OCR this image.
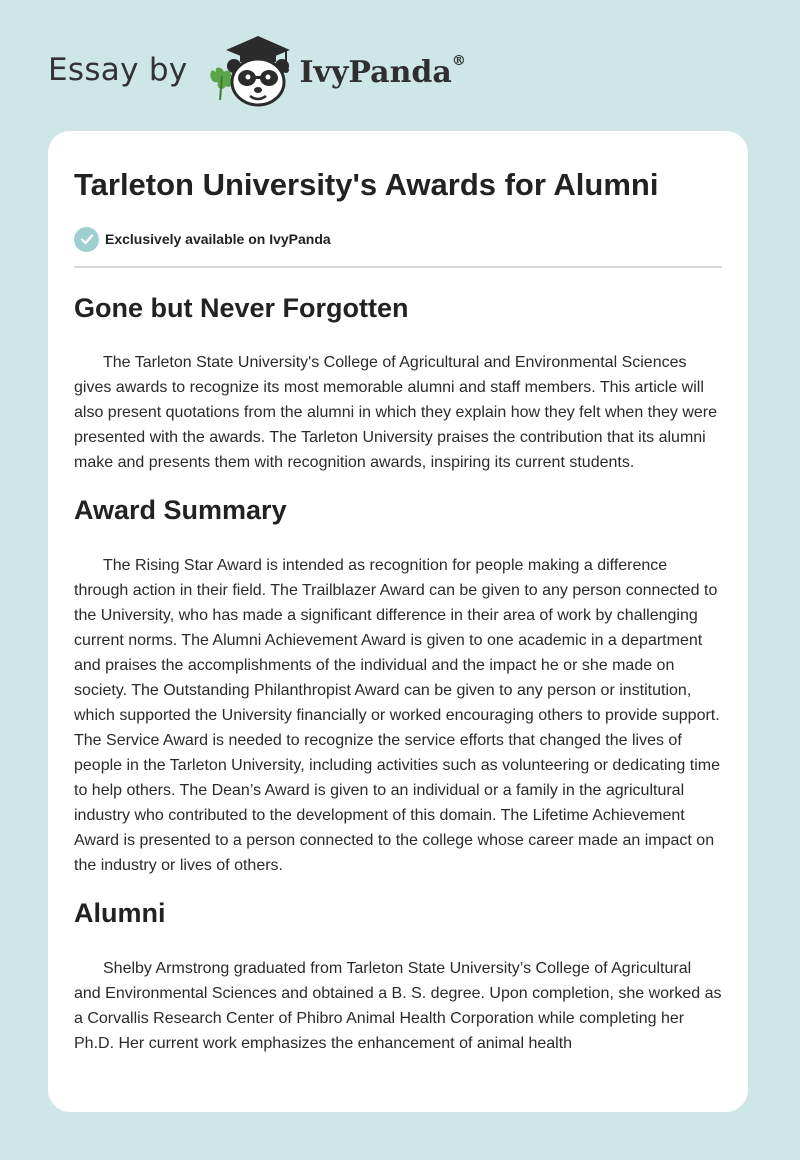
Essay by	IvyPanda®
Tarleton University's Awards for Alumni
Exclusively available on IvyPanda
Gone but Never Forgotten

The Tarleton State University's College of Agricultural and Environmental Sciences gives awards to recognize its most memorable alumni and staff members. This article will also present quotations from the alumni in which they explain how they felt when they were presented with the awards. The Tarleton University praises the contribution that its alumni make and presents them with recognition awards, inspiring its current students.

Award Summary

The Rising Star Award is intended as recognition for people making a difference through action in their field. The Trailblazer Award can be given to any person connected to the University, who has made a significant difference in their area of work by challenging current norms. The Alumni Achievement Award is given to one academic in a department and praises the accomplishments of the individual and the impact he or she made on society. The Outstanding Philanthropist Award can be given to any person or institution, which supported the University financially or worked encouraging others to provide support. The Service Award is needed to recognize the service efforts that changed the lives of people in the Tarleton University, including activities such as volunteering or dedicating time to help others. The Dean’s Award is given to an individual or a family in the agricultural industry who contributed to the development of this domain. The Lifetime Achievement Award is presented to a person connected to the college whose career made an impact on the industry or lives of others.

Alumni

Shelby Armstrong graduated from Tarleton State University’s College of Agricultural and Environmental Sciences and obtained a B. S. degree. Upon completion, she worked as a Corvallis Research Center of Phibro Animal Health Corporation while completing her Ph.D. Her current work emphasizes the enhancement of animal health
